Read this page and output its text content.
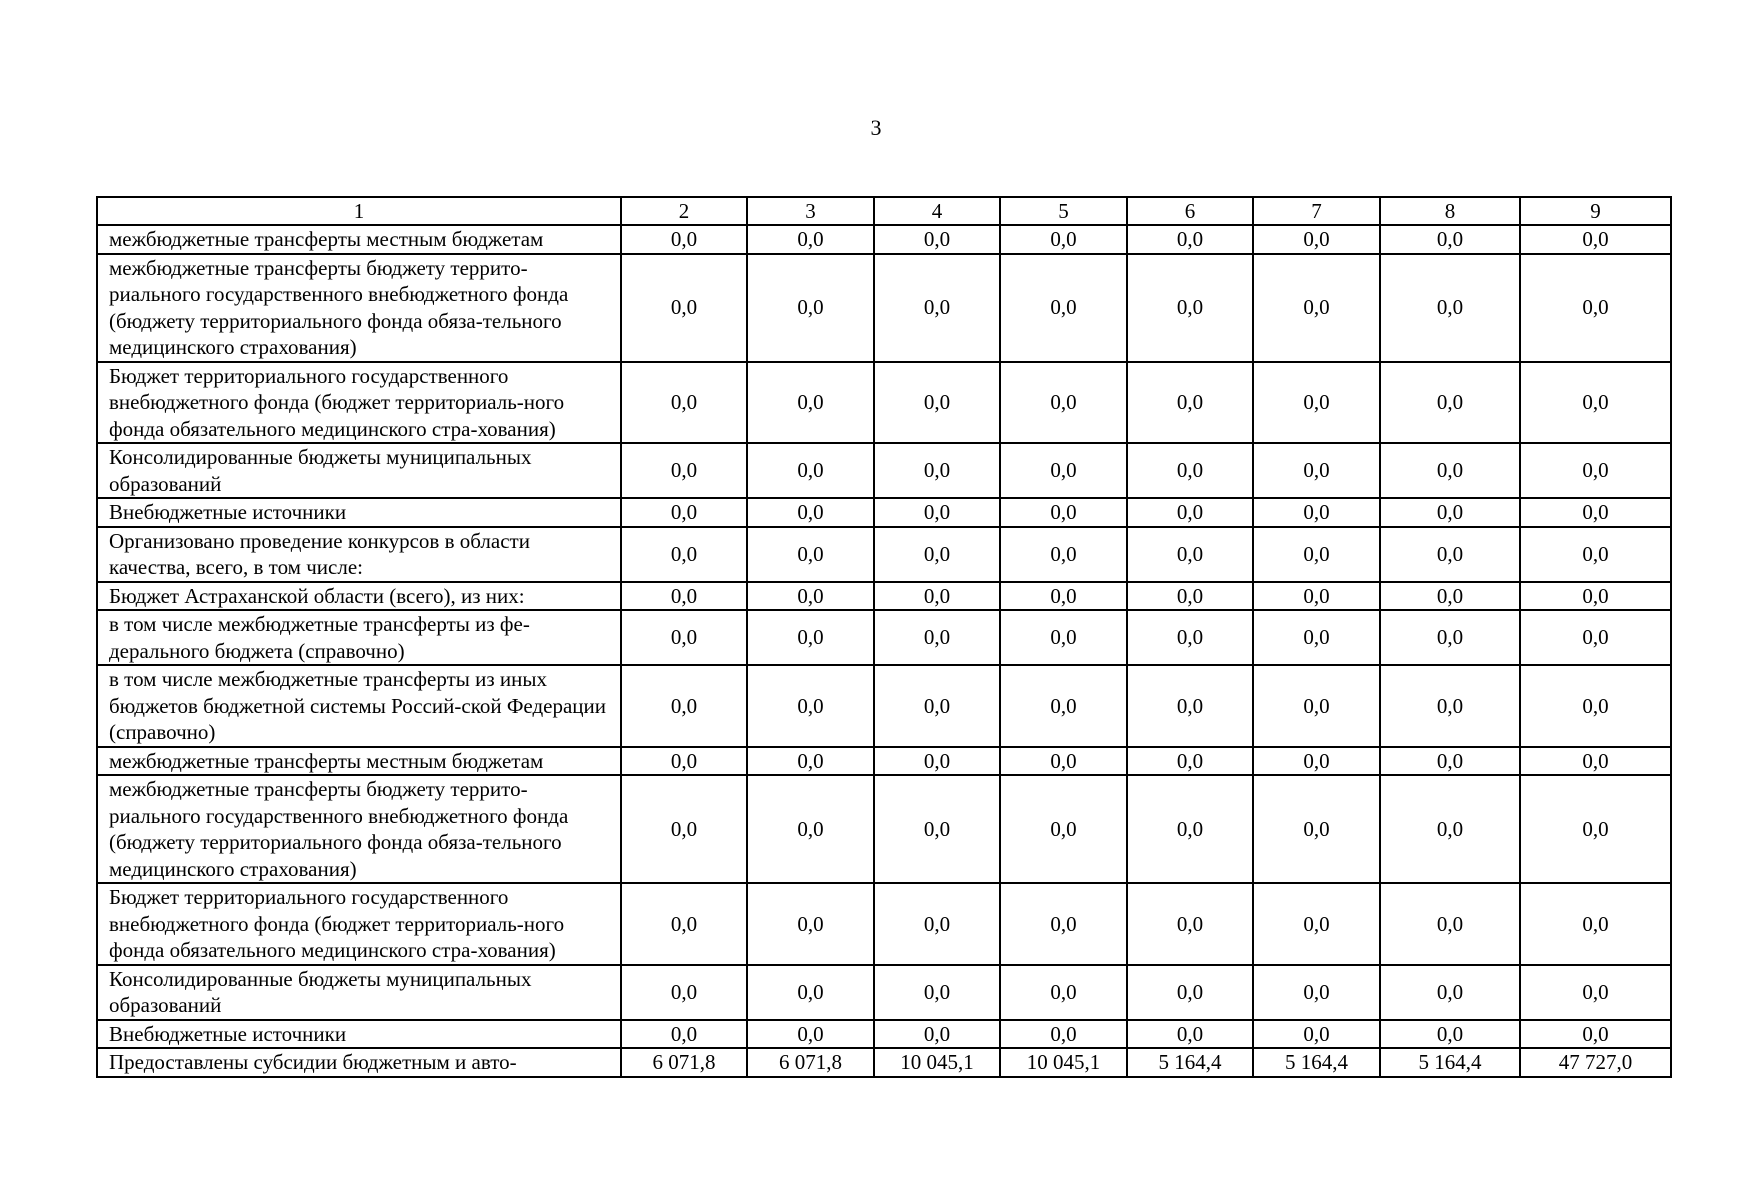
3
1	2	3	4	5	6	7	8	9
межбюджетные трансферты местным бюджетам	0,0	0,0	0,0	0,0	0,0	0,0	0,0	0,0
межбюджетные трансферты бюджету террито-риального государственного внебюджетного фонда (бюджету территориального фонда обяза-тельного медицинского страхования)	0,0	0,0	0,0	0,0	0,0	0,0	0,0	0,0
Бюджет территориального государственного внебюджетного фонда (бюджет территориаль-ного фонда обязательного медицинского стра-хования)	0,0	0,0	0,0	0,0	0,0	0,0	0,0	0,0
Консолидированные бюджеты муниципальных образований	0,0	0,0	0,0	0,0	0,0	0,0	0,0	0,0
Внебюджетные источники	0,0	0,0	0,0	0,0	0,0	0,0	0,0	0,0
Организовано проведение конкурсов в области качества, всего, в том числе:	0,0	0,0	0,0	0,0	0,0	0,0	0,0	0,0
Бюджет Астраханской области (всего), из них:	0,0	0,0	0,0	0,0	0,0	0,0	0,0	0,0
в том числе межбюджетные трансферты из фе-дерального бюджета (справочно)	0,0	0,0	0,0	0,0	0,0	0,0	0,0	0,0
в том числе межбюджетные трансферты из иных бюджетов бюджетной системы Россий-ской Федерации (справочно)	0,0	0,0	0,0	0,0	0,0	0,0	0,0	0,0
межбюджетные трансферты местным бюджетам	0,0	0,0	0,0	0,0	0,0	0,0	0,0	0,0
межбюджетные трансферты бюджету террито-риального государственного внебюджетного фонда (бюджету территориального фонда обяза-тельного медицинского страхования)	0,0	0,0	0,0	0,0	0,0	0,0	0,0	0,0
Бюджет территориального государственного внебюджетного фонда (бюджет территориаль-ного фонда обязательного медицинского стра-хования)	0,0	0,0	0,0	0,0	0,0	0,0	0,0	0,0
Консолидированные бюджеты муниципальных образований	0,0	0,0	0,0	0,0	0,0	0,0	0,0	0,0
Внебюджетные источники	0,0	0,0	0,0	0,0	0,0	0,0	0,0	0,0
Предоставлены субсидии бюджетным и авто-	6 071,8	6 071,8	10 045,1	10 045,1	5 164,4	5 164,4	5 164,4	47 727,0
